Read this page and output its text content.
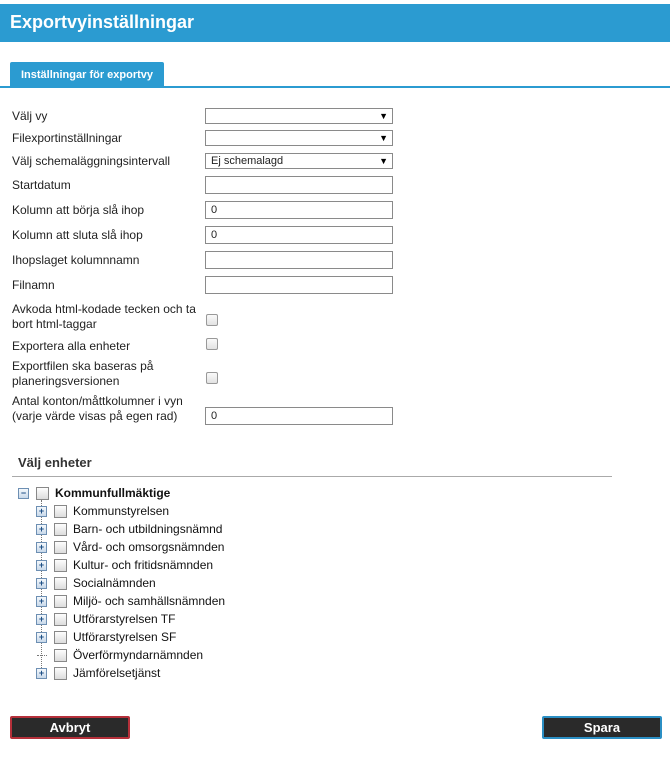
Exportvyinställningar
Inställningar för exportvy
Välj vy	▼
Filexportinställningar	▼
Välj schemaläggningsintervall	Ej schemalagd	▼
Startdatum
Kolumn att börja slå ihop	0
Kolumn att sluta slå ihop	0
Ihopslaget kolumnnamn
Filnamn
Avkoda html-kodade tecken och ta
bort html-taggar
Exportera alla enheter
Exportfilen ska baseras på
planeringsversionen
Antal konton/måttkolumner i vyn
(varje värde visas på egen rad)	0
Välj enheter
− Kommunfullmäktige
+ Kommunstyrelsen
+ Barn- och utbildningsnämnd
+ Vård- och omsorgsnämnden
+ Kultur- och fritidsnämnden
+ Socialnämnden
+ Miljö- och samhällsnämnden
+ Utförarstyrelsen TF
+ Utförarstyrelsen SF
Överförmyndarnämnden
+ Jämförelsetjänst
Avbryt	Spara
